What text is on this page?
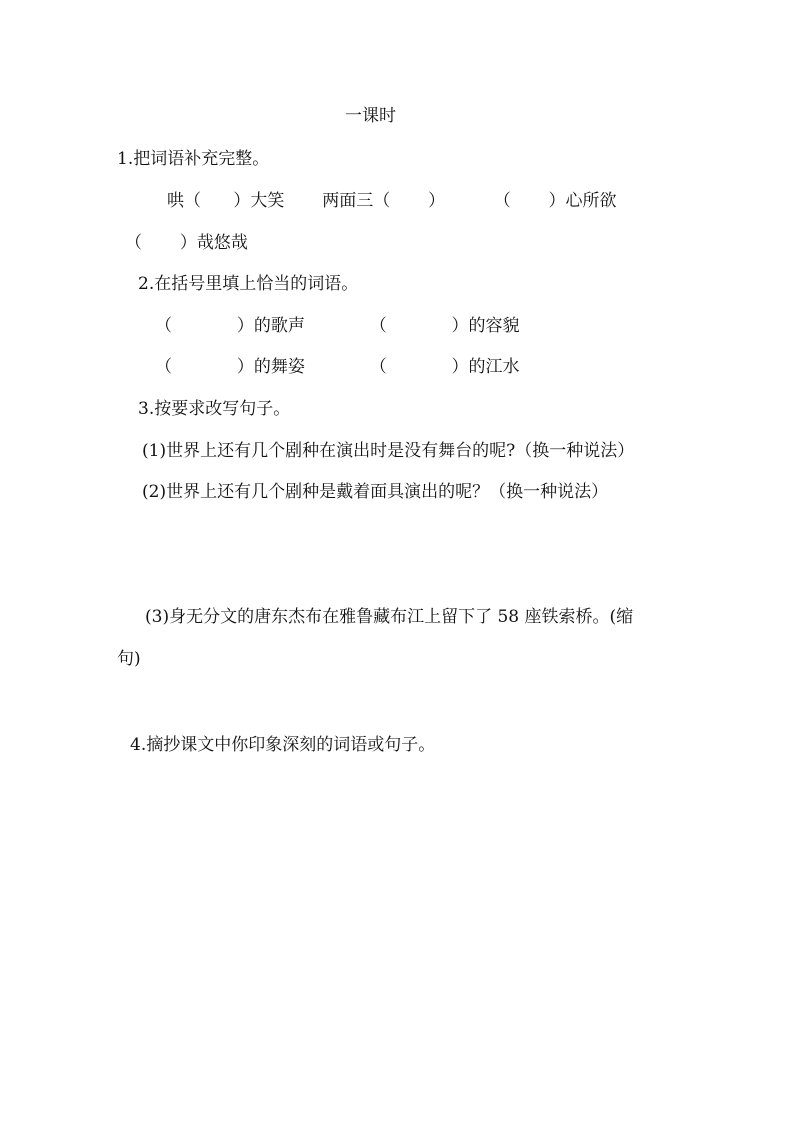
一课时
1.把词语补充完整。
哄（      ）大笑       两面三（       ）         （       ）心所欲
（       ）哉悠哉
2.在括号里填上恰当的词语。
（            ）的歌声            （            ）的容貌
（            ）的舞姿            （            ）的江水
3.按要求改写句子。
(1)世界上还有几个剧种在演出时是没有舞台的呢?（换一种说法）
(2)世界上还有几个剧种是戴着面具演出的呢？（换一种说法）
(3)身无分文的唐东杰布在雅鲁藏布江上留下了 58 座铁索桥。(缩
句)
4.摘抄课文中你印象深刻的词语或句子。
